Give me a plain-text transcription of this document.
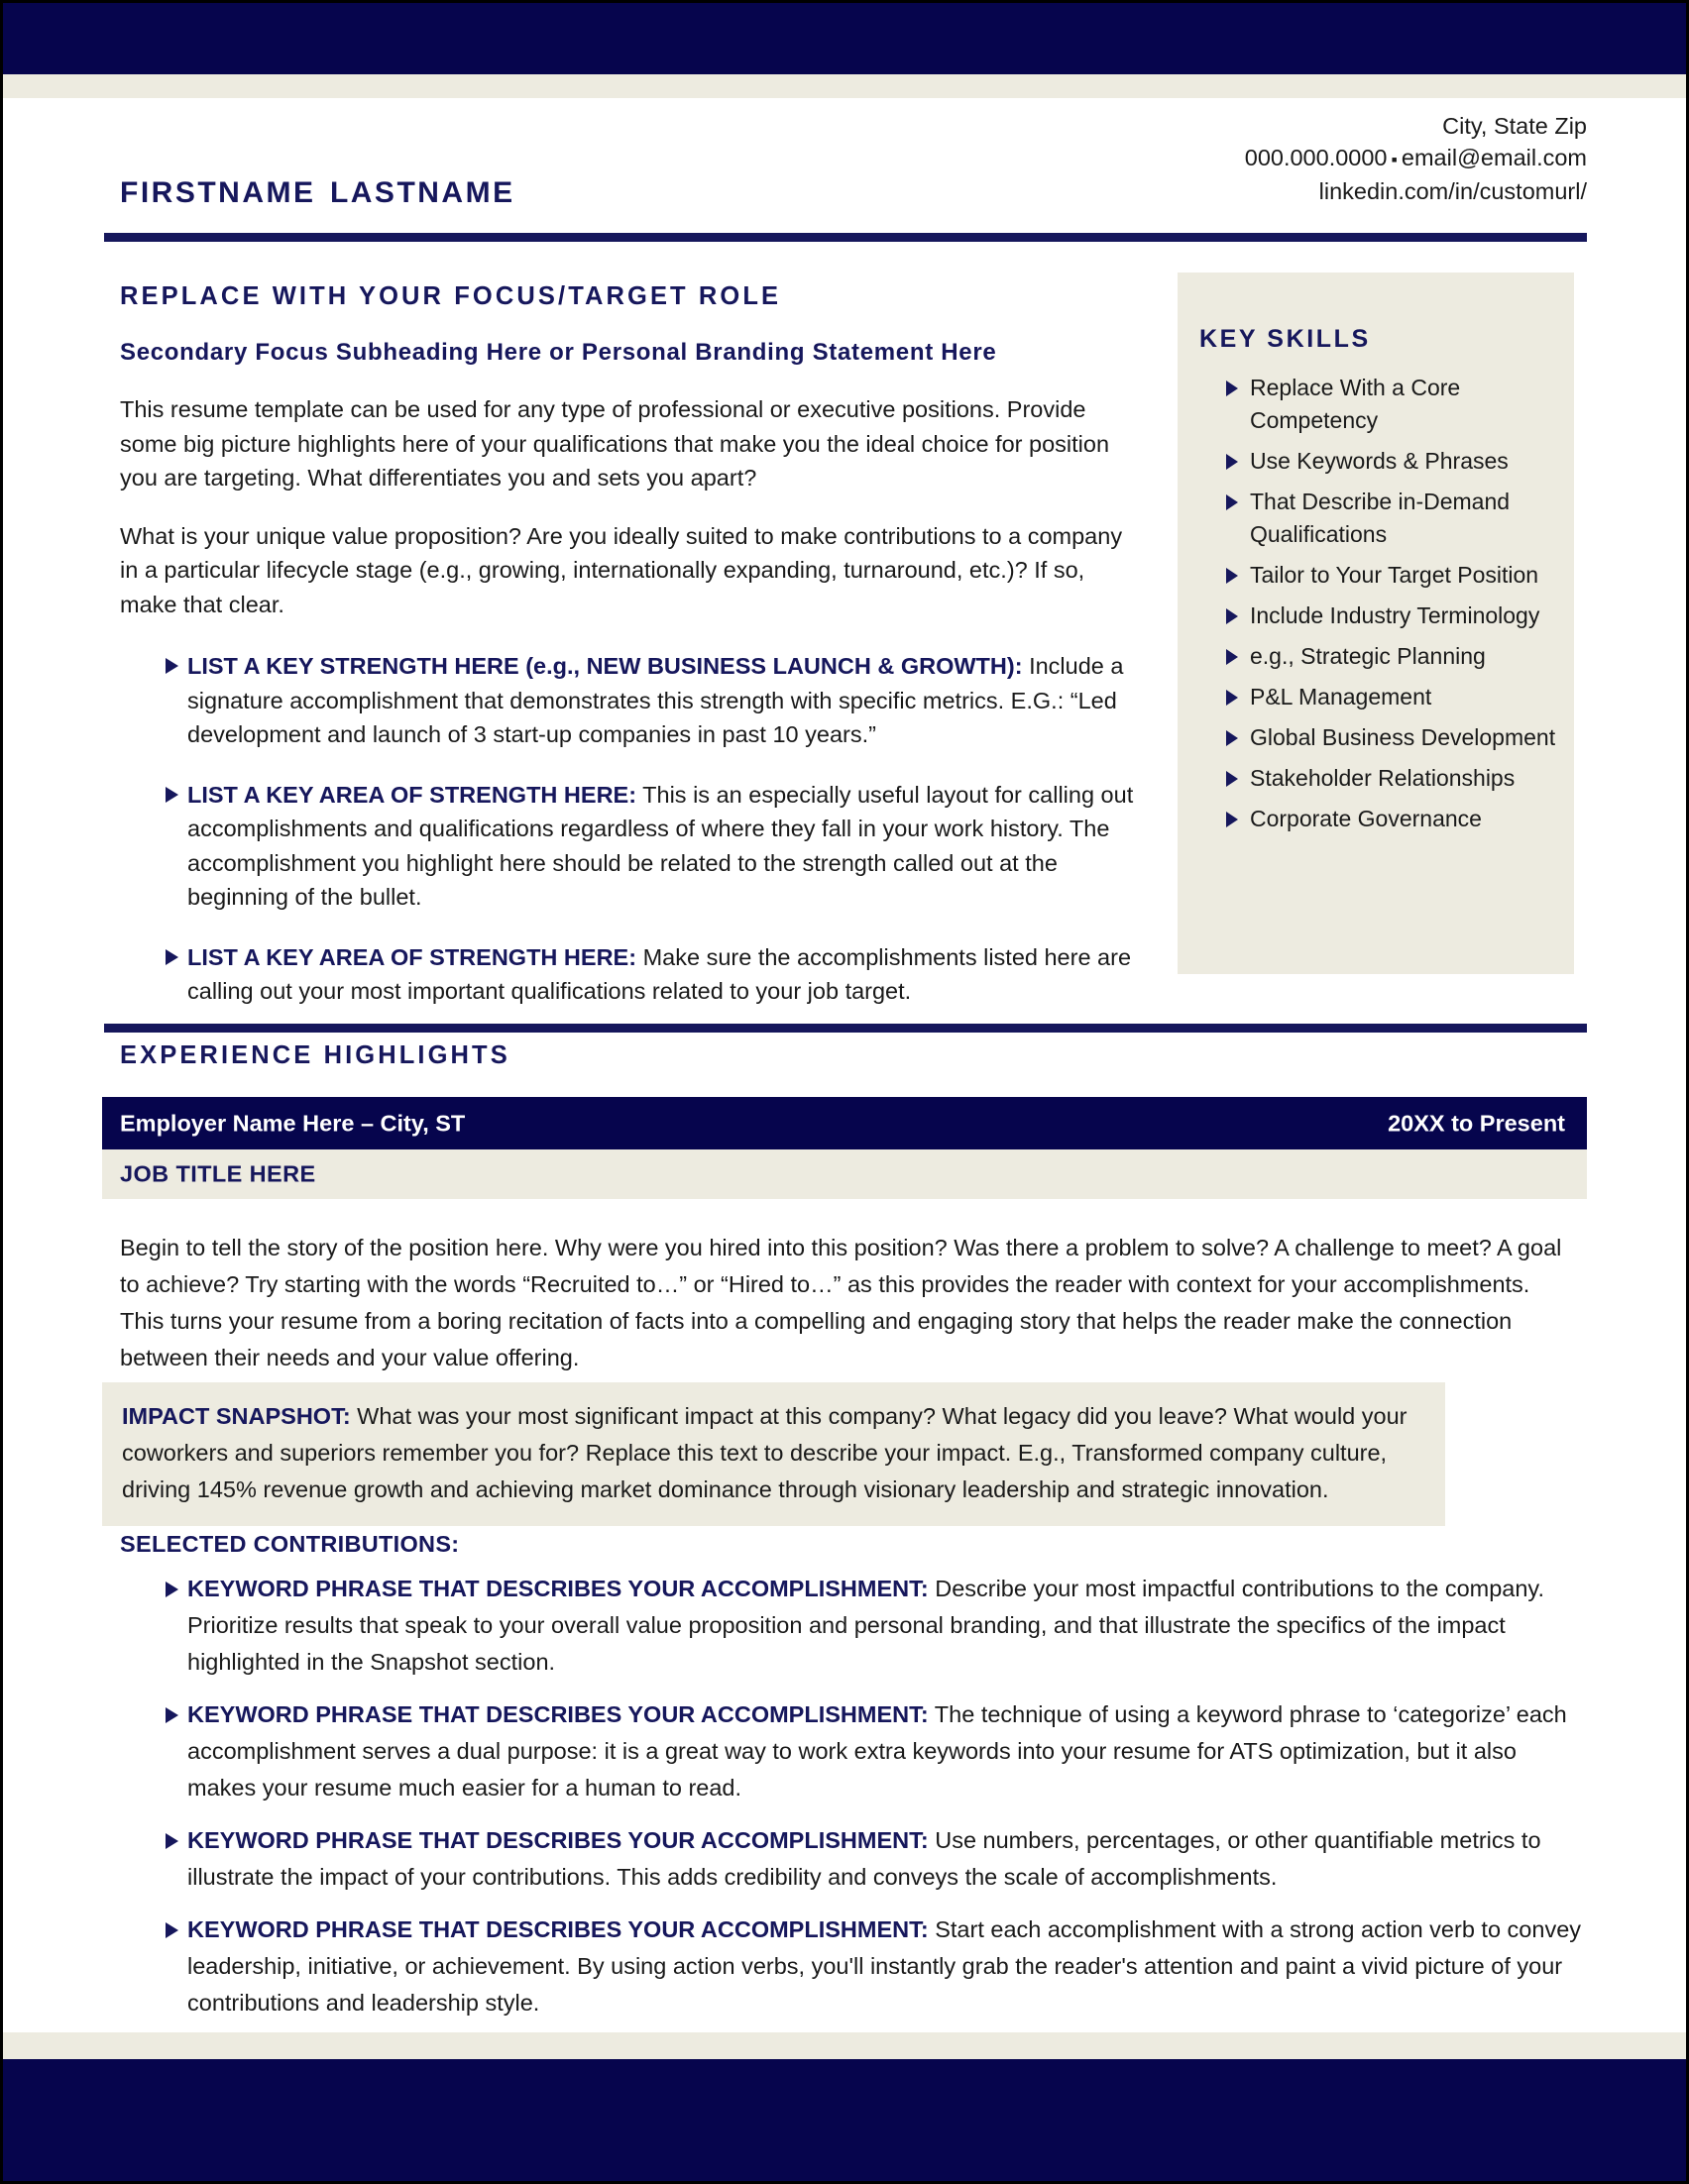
firstname lastname
City, State Zip
000.000.0000 ▪ email@email.com
linkedin.com/in/customurl/
REPLACE WITH YOUR FOCUS/TARGET ROLE
Secondary Focus Subheading Here or Personal Branding Statement Here

This resume template can be used for any type of professional or executive positions. Provide some big picture highlights here of your qualifications that make you the ideal choice for position you are targeting. What differentiates you and sets you apart?

What is your unique value proposition? Are you ideally suited to make contributions to a company in a particular lifecycle stage (e.g., growing, internationally expanding, turnaround, etc.)? If so, make that clear.

LIST A KEY STRENGTH HERE (e.g., NEW BUSINESS LAUNCH & GROWTH): Include a signature accomplishment that demonstrates this strength with specific metrics. E.G.: “Led development and launch of 3 start-up companies in past 10 years.”
LIST A KEY AREA OF STRENGTH HERE: This is an especially useful layout for calling out accomplishments and qualifications regardless of where they fall in your work history. The accomplishment you highlight here should be related to the strength called out at the beginning of the bullet.
LIST A KEY AREA OF STRENGTH HERE: Make sure the accomplishments listed here are calling out your most important qualifications related to your job target.
KEY SKILLS
Replace With a Core Competency
Use Keywords & Phrases
That Describe in-Demand Qualifications
Tailor to Your Target Position
Include Industry Terminology
e.g., Strategic Planning
P&L Management
Global Business Development
Stakeholder Relationships
Corporate Governance
EXPERIENCE HIGHLIGHTS
Employer Name Here – City, ST	20XX to Present
JOB TITLE HERE
Begin to tell the story of the position here. Why were you hired into this position? Was there a problem to solve? A challenge to meet? A goal to achieve? Try starting with the words “Recruited to…” or “Hired to…” as this provides the reader with context for your accomplishments. This turns your resume from a boring recitation of facts into a compelling and engaging story that helps the reader make the connection between their needs and your value offering.
IMPACT SNAPSHOT: What was your most significant impact at this company? What legacy did you leave? What would your coworkers and superiors remember you for? Replace this text to describe your impact. E.g., Transformed company culture, driving 145% revenue growth and achieving market dominance through visionary leadership and strategic innovation.
SELECTED CONTRIBUTIONS:
KEYWORD PHRASE THAT DESCRIBES YOUR ACCOMPLISHMENT: Describe your most impactful contributions to the company. Prioritize results that speak to your overall value proposition and personal branding, and that illustrate the specifics of the impact highlighted in the Snapshot section.
KEYWORD PHRASE THAT DESCRIBES YOUR ACCOMPLISHMENT: The technique of using a keyword phrase to ‘categorize’ each accomplishment serves a dual purpose: it is a great way to work extra keywords into your resume for ATS optimization, but it also makes your resume much easier for a human to read.
KEYWORD PHRASE THAT DESCRIBES YOUR ACCOMPLISHMENT: Use numbers, percentages, or other quantifiable metrics to illustrate the impact of your contributions. This adds credibility and conveys the scale of accomplishments.
KEYWORD PHRASE THAT DESCRIBES YOUR ACCOMPLISHMENT: Start each accomplishment with a strong action verb to convey leadership, initiative, or achievement. By using action verbs, you'll instantly grab the reader's attention and paint a vivid picture of your contributions and leadership style.
